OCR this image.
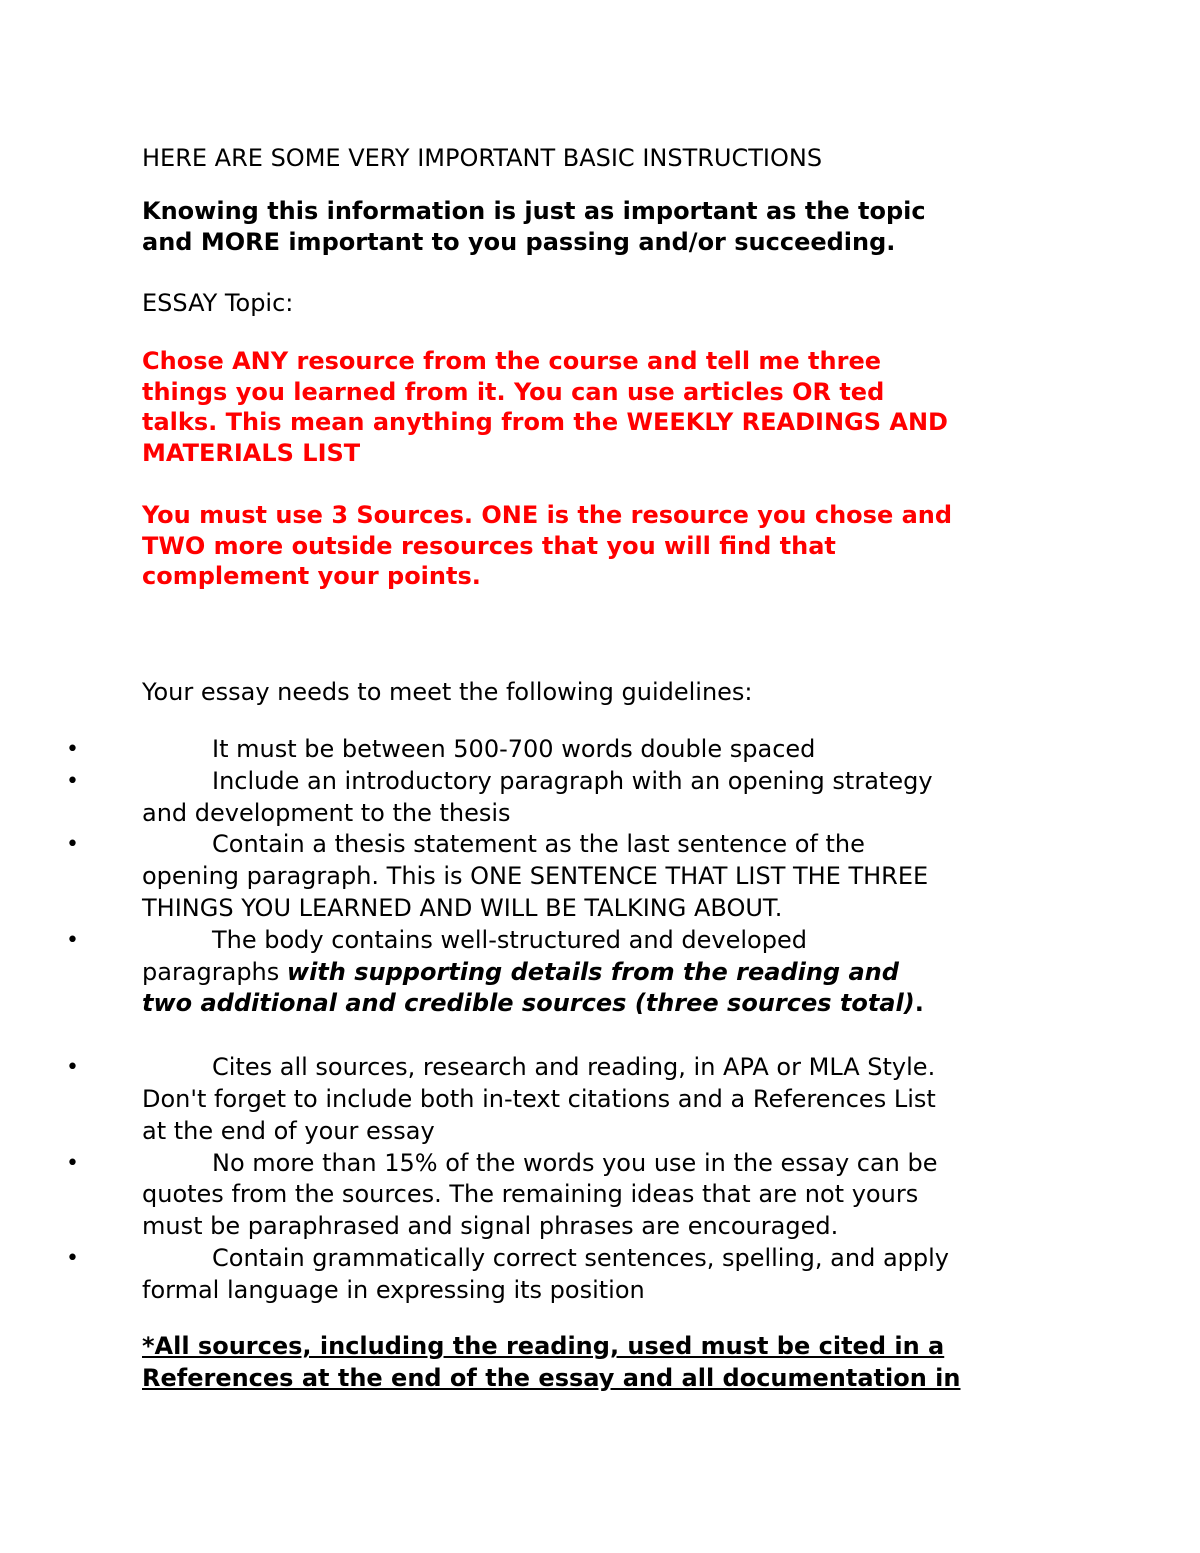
HERE ARE SOME VERY IMPORTANT BASIC INSTRUCTIONS
Knowing this information is just as important as the topic
and MORE important to you passing and/or succeeding.
ESSAY Topic:
Chose ANY resource from the course and tell me three
things you learned from it. You can use articles OR ted
talks. This mean anything from the WEEKLY READINGS AND
MATERIALS LIST
You must use 3 Sources. ONE is the resource you chose and
TWO more outside resources that you will find that
complement your points.
Your essay needs to meet the following guidelines:
•	It must be between 500-700 words double spaced
•	Include an introductory paragraph with an opening strategy
and development to the thesis
•	Contain a thesis statement as the last sentence of the
opening paragraph. This is ONE SENTENCE THAT LIST THE THREE
THINGS YOU LEARNED AND WILL BE TALKING ABOUT.
•	The body contains well-structured and developed
paragraphs with supporting details from the reading and
two additional and credible sources (three sources total).
•	Cites all sources, research and reading, in APA or MLA Style.
Don't forget to include both in-text citations and a References List
at the end of your essay
•	No more than 15% of the words you use in the essay can be
quotes from the sources. The remaining ideas that are not yours
must be paraphrased and signal phrases are encouraged.
•	Contain grammatically correct sentences, spelling, and apply
formal language in expressing its position
*All sources, including the reading, used must be cited in a
References at the end of the essay and all documentation in
